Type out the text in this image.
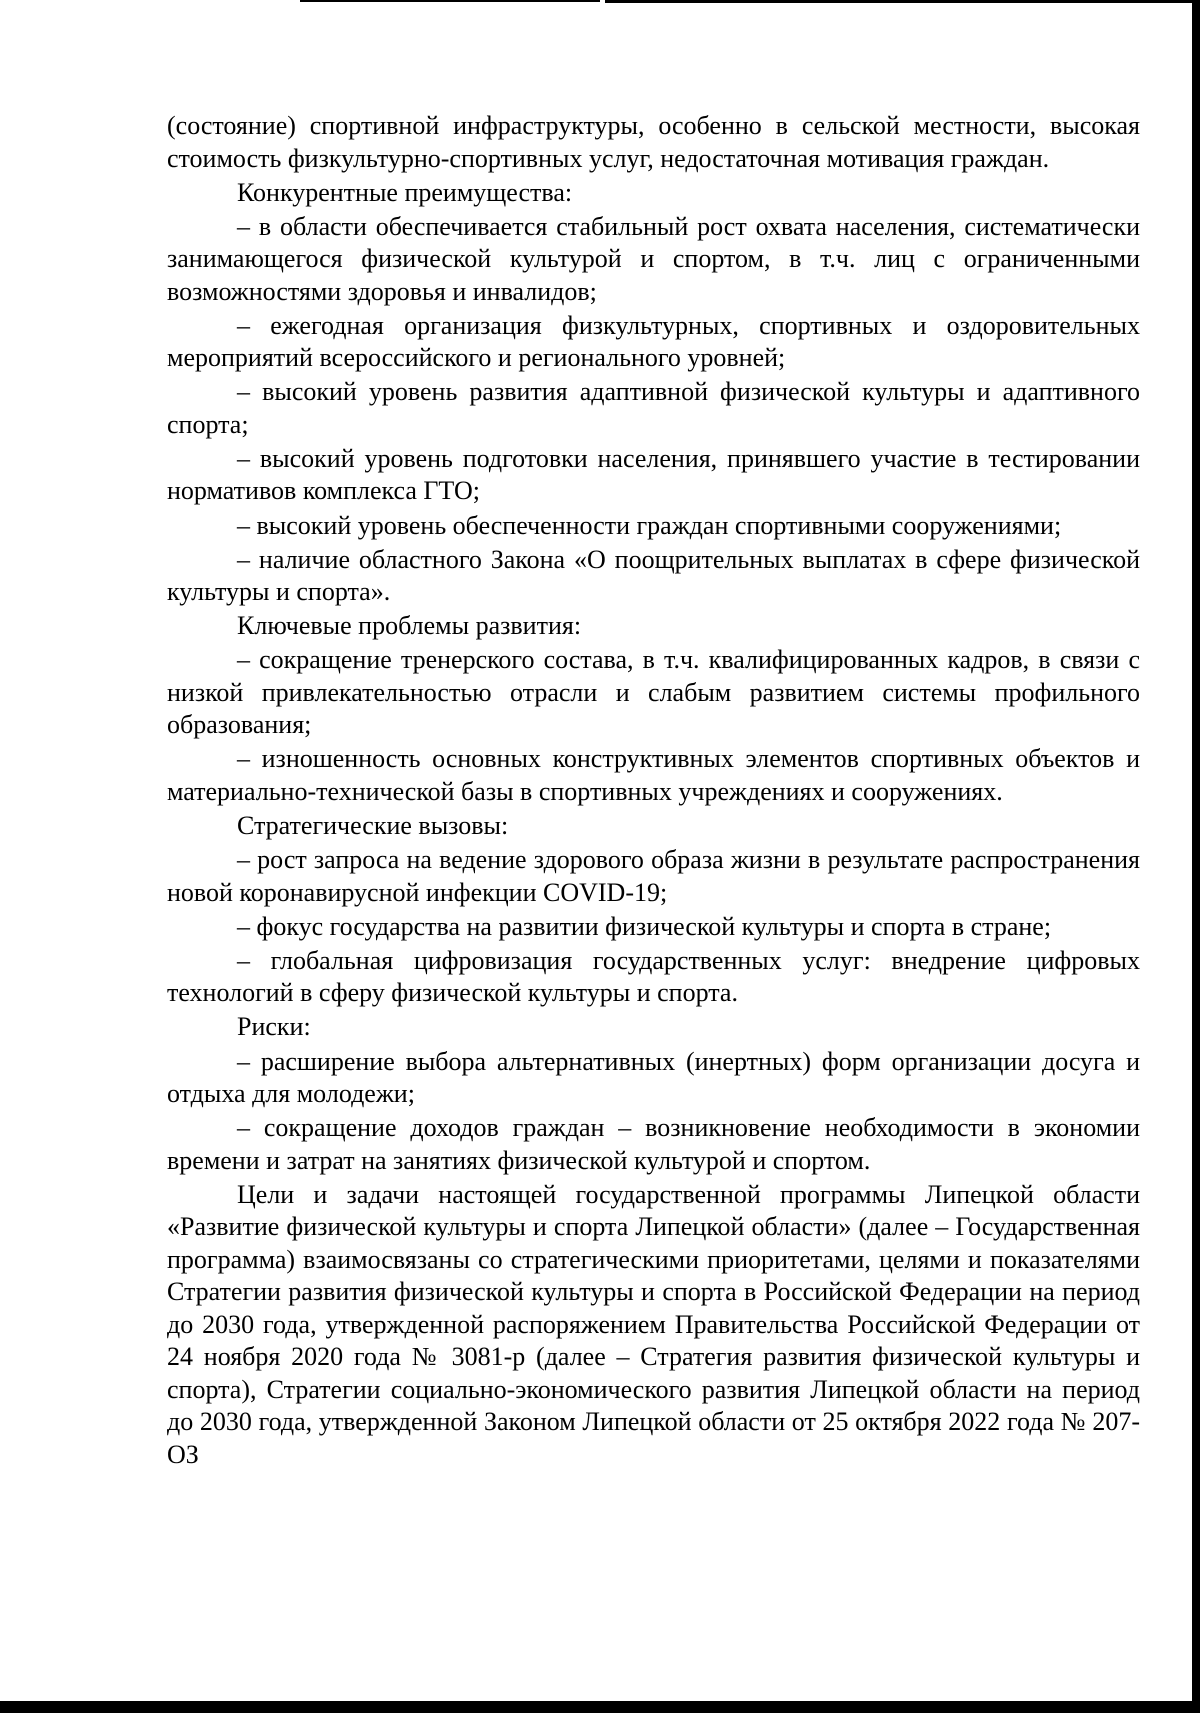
(состояние) спортивной инфраструктуры, особенно в сельской местности, высокая стоимость физкультурно-спортивных услуг, недостаточная мотивация граждан.

Конкурентные преимущества:

– в области обеспечивается стабильный рост охвата населения, систематически занимающегося физической культурой и спортом, в т.ч. лиц с ограниченными возможностями здоровья и инвалидов;

– ежегодная организация физкультурных, спортивных и оздоровительных мероприятий всероссийского и регионального уровней;

– высокий уровень развития адаптивной физической культуры и адаптивного спорта;

– высокий уровень подготовки населения, принявшего участие в тестировании нормативов комплекса ГТО;

– высокий уровень обеспеченности граждан спортивными сооружениями;

– наличие областного Закона «О поощрительных выплатах в сфере физической культуры и спорта».

Ключевые проблемы развития:

– сокращение тренерского состава, в т.ч. квалифицированных кадров, в связи с низкой привлекательностью отрасли и слабым развитием системы профильного образования;

– изношенность основных конструктивных элементов спортивных объектов и материально-технической базы в спортивных учреждениях и сооружениях.

Стратегические вызовы:

– рост запроса на ведение здорового образа жизни в результате распространения новой коронавирусной инфекции COVID-19;

– фокус государства на развитии физической культуры и спорта в стране;

– глобальная цифровизация государственных услуг: внедрение цифровых технологий в сферу физической культуры и спорта.

Риски:

– расширение выбора альтернативных (инертных) форм организации досуга и отдыха для молодежи;

– сокращение доходов граждан – возникновение необходимости в экономии времени и затрат на занятиях физической культурой и спортом.

Цели и задачи настоящей государственной программы Липецкой области «Развитие физической культуры и спорта Липецкой области» (далее – Государственная программа) взаимосвязаны со стратегическими приоритетами, целями и показателями Стратегии развития физической культуры и спорта в Российской Федерации на период до 2030 года, утвержденной распоряжением Правительства Российской Федерации от 24 ноября 2020 года № 3081-р (далее – Стратегия развития физической культуры и спорта), Стратегии социально-экономического развития Липецкой области на период до 2030 года, утвержденной Законом Липецкой области от 25 октября 2022 года № 207-ОЗ
